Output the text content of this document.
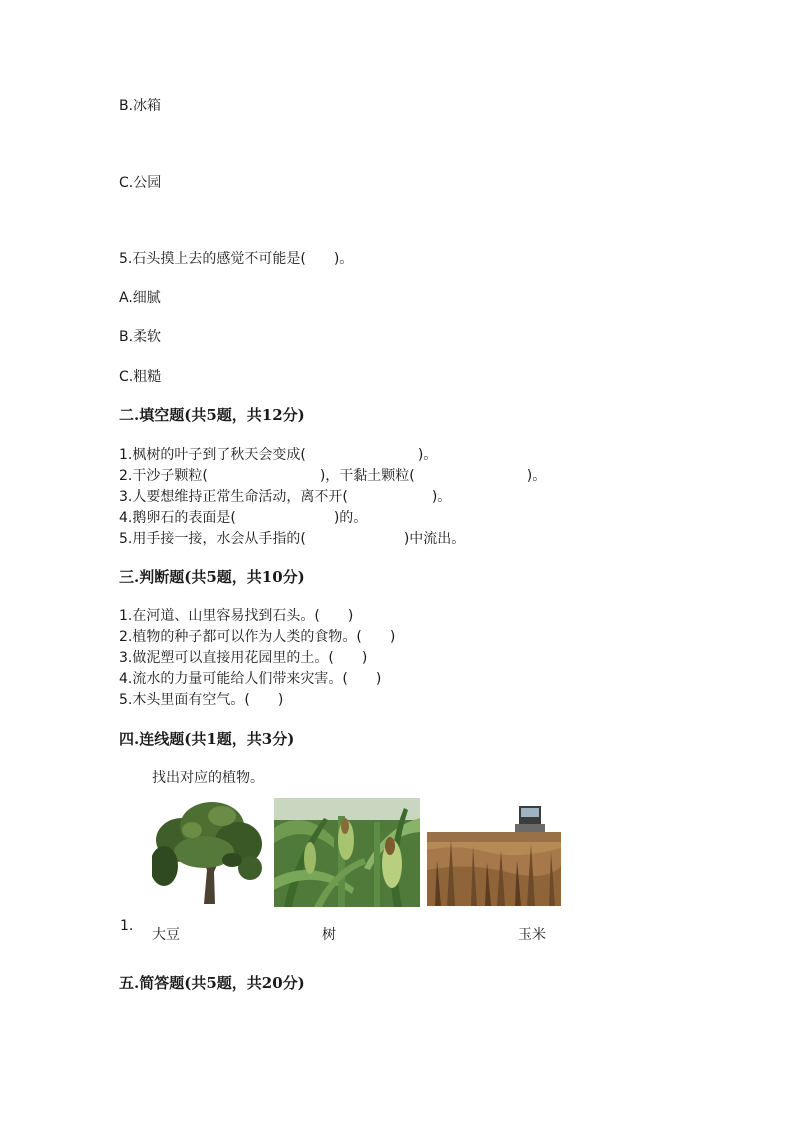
B.冰箱
C.公园
5.石头摸上去的感觉不可能是(　　)。
A.细腻
B.柔软
C.粗糙
二.填空题(共5题，共12分)
1.枫树的叶子到了秋天会变成(　　　　　　　　)。
2.干沙子颗粒(　　　　　　　　)，干黏土颗粒(　　　　　　　　)。
3.人要想维持正常生命活动，离不开(　　　　　　)。
4.鹅卵石的表面是(　　　　　　　)的。
5.用手接一接，水会从手指的(　　　　　　　)中流出。
三.判断题(共5题，共10分)
1.在河道、山里容易找到石头。(　　)
2.植物的种子都可以作为人类的食物。(　　)
3.做泥塑可以直接用花园里的土。(　　)
4.流水的力量可能给人们带来灾害。(　　)
5.木头里面有空气。(　　)
四.连线题(共1题，共3分)
找出对应的植物。
1.
大豆	树	玉米
五.简答题(共5题，共20分)
